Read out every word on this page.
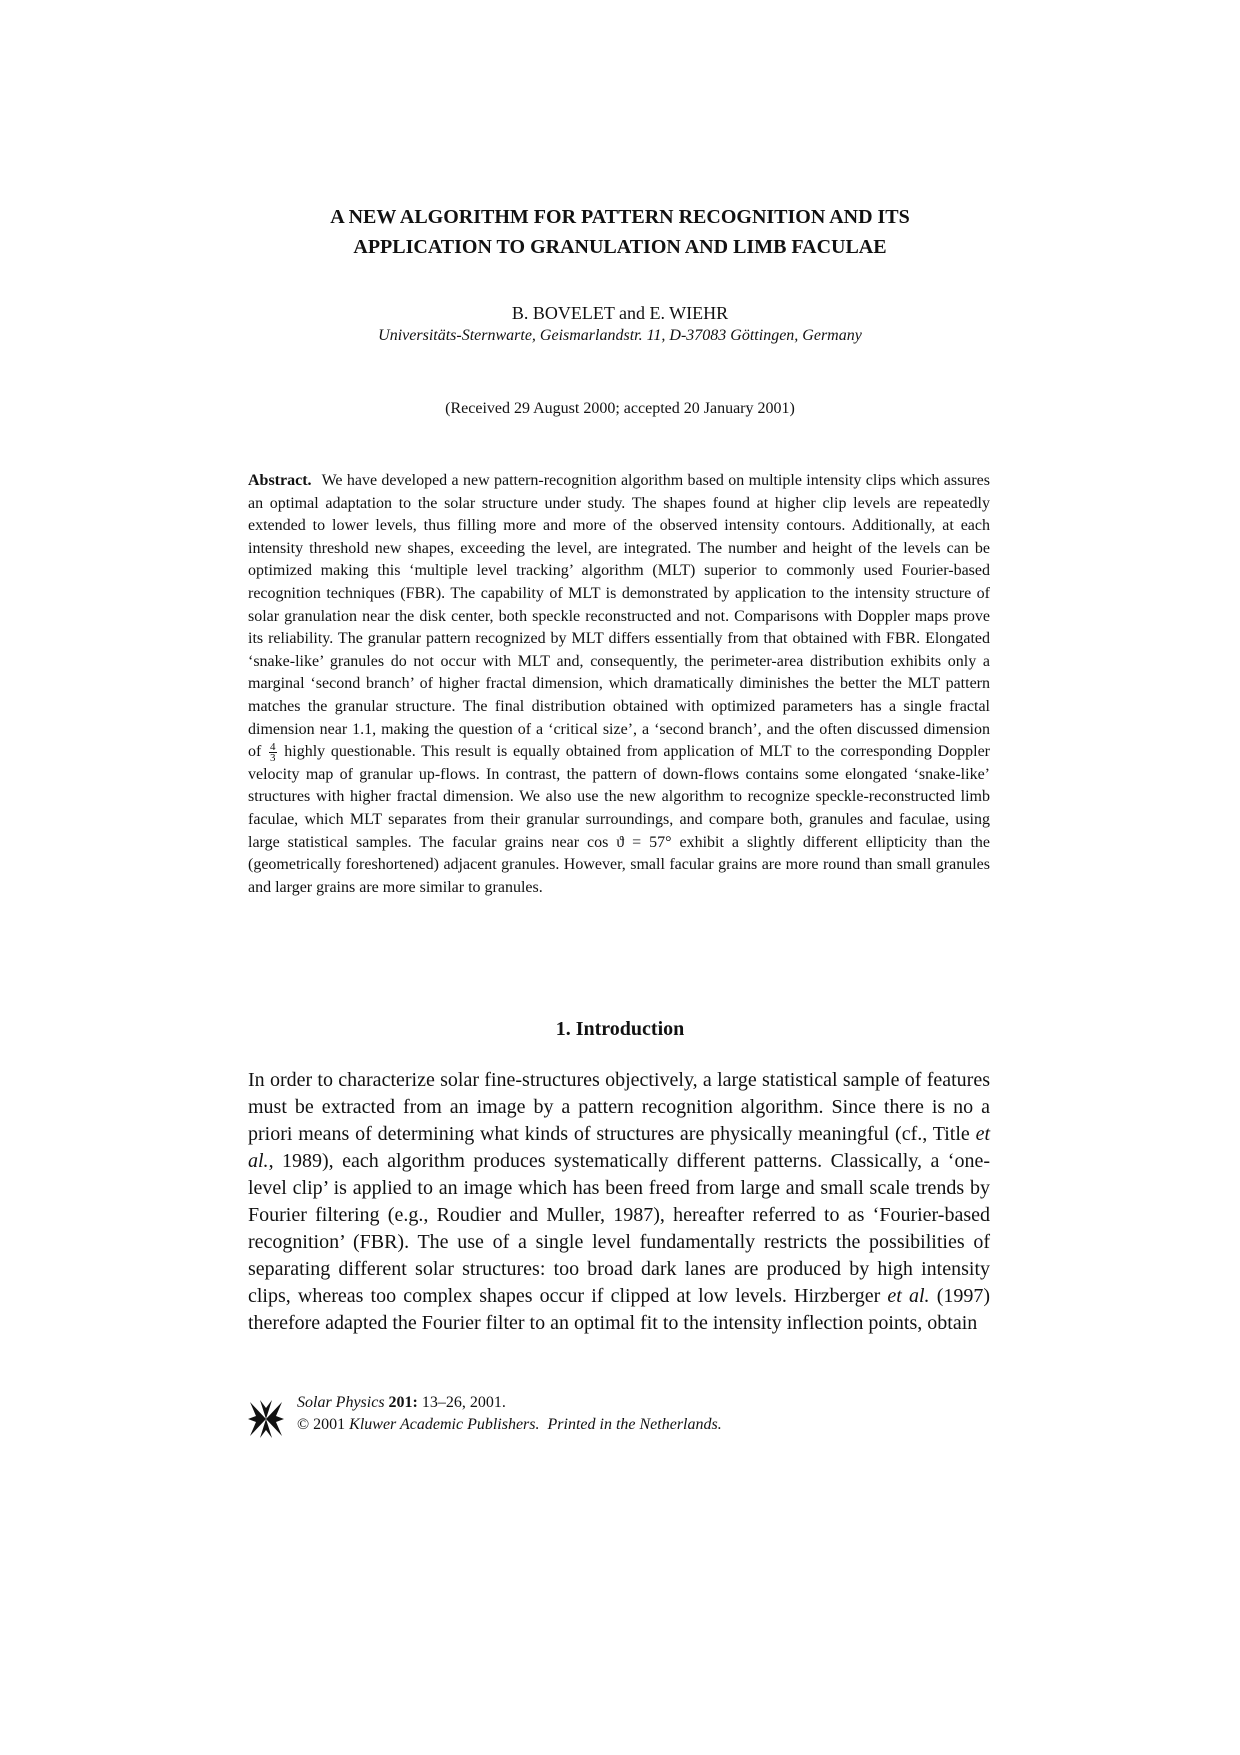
A NEW ALGORITHM FOR PATTERN RECOGNITION AND ITS
APPLICATION TO GRANULATION AND LIMB FACULAE
B. BOVELET and E. WIEHR
Universitäts-Sternwarte, Geismarlandstr. 11, D-37083 Göttingen, Germany
(Received 29 August 2000; accepted 20 January 2001)

Abstract. We have developed a new pattern-recognition algorithm based on multiple intensity clips which assures an optimal adaptation to the solar structure under study. The shapes found at higher clip levels are repeatedly extended to lower levels, thus filling more and more of the observed intensity contours. Additionally, at each intensity threshold new shapes, exceeding the level, are integrated. The number and height of the levels can be optimized making this ‘multiple level tracking’ algorithm (MLT) superior to commonly used Fourier-based recognition techniques (FBR). The capability of MLT is demonstrated by application to the intensity structure of solar granulation near the disk center, both speckle reconstructed and not. Comparisons with Doppler maps prove its reliability. The granular pattern recognized by MLT differs essentially from that obtained with FBR. Elongated ‘snake-like’ granules do not occur with MLT and, consequently, the perimeter-area distribution exhibits only a marginal ‘second branch’ of higher fractal dimension, which dramatically diminishes the better the MLT pattern matches the granular structure. The final distribution obtained with optimized parameters has a single fractal dimension near 1.1, making the question of a ‘critical size’, a ‘second branch’, and the often discussed dimension of $\frac{4}{3}$ highly questionable. This result is equally obtained from application of MLT to the corresponding Doppler velocity map of granular up-flows. In contrast, the pattern of down-flows contains some elongated ‘snake-like’ structures with higher fractal dimension. We also use the new algorithm to recognize speckle-reconstructed limb faculae, which MLT separates from their granular surroundings, and compare both, granules and faculae, using large statistical samples. The facular grains near cos ϑ = 57° exhibit a slightly different ellipticity than the (geometrically foreshortened) adjacent granules. However, small facular grains are more round than small granules and larger grains are more similar to granules.

1. Introduction

In order to characterize solar fine-structures objectively, a large statistical sample of features must be extracted from an image by a pattern recognition algorithm. Since there is no a priori means of determining what kinds of structures are physically meaningful (cf., Title et al., 1989), each algorithm produces systematically different patterns. Classically, a ‘one-level clip’ is applied to an image which has been freed from large and small scale trends by Fourier filtering (e.g., Roudier and Muller, 1987), hereafter referred to as ‘Fourier-based recognition’ (FBR). The use of a single level fundamentally restricts the possibilities of separating different solar structures: too broad dark lanes are produced by high intensity clips, whereas too complex shapes occur if clipped at low levels. Hirzberger et al. (1997) therefore adapted the Fourier filter to an optimal fit to the intensity inflection points, obtain

Solar Physics 201: 13–26, 2001.
© 2001 Kluwer Academic Publishers. Printed in the Netherlands.
